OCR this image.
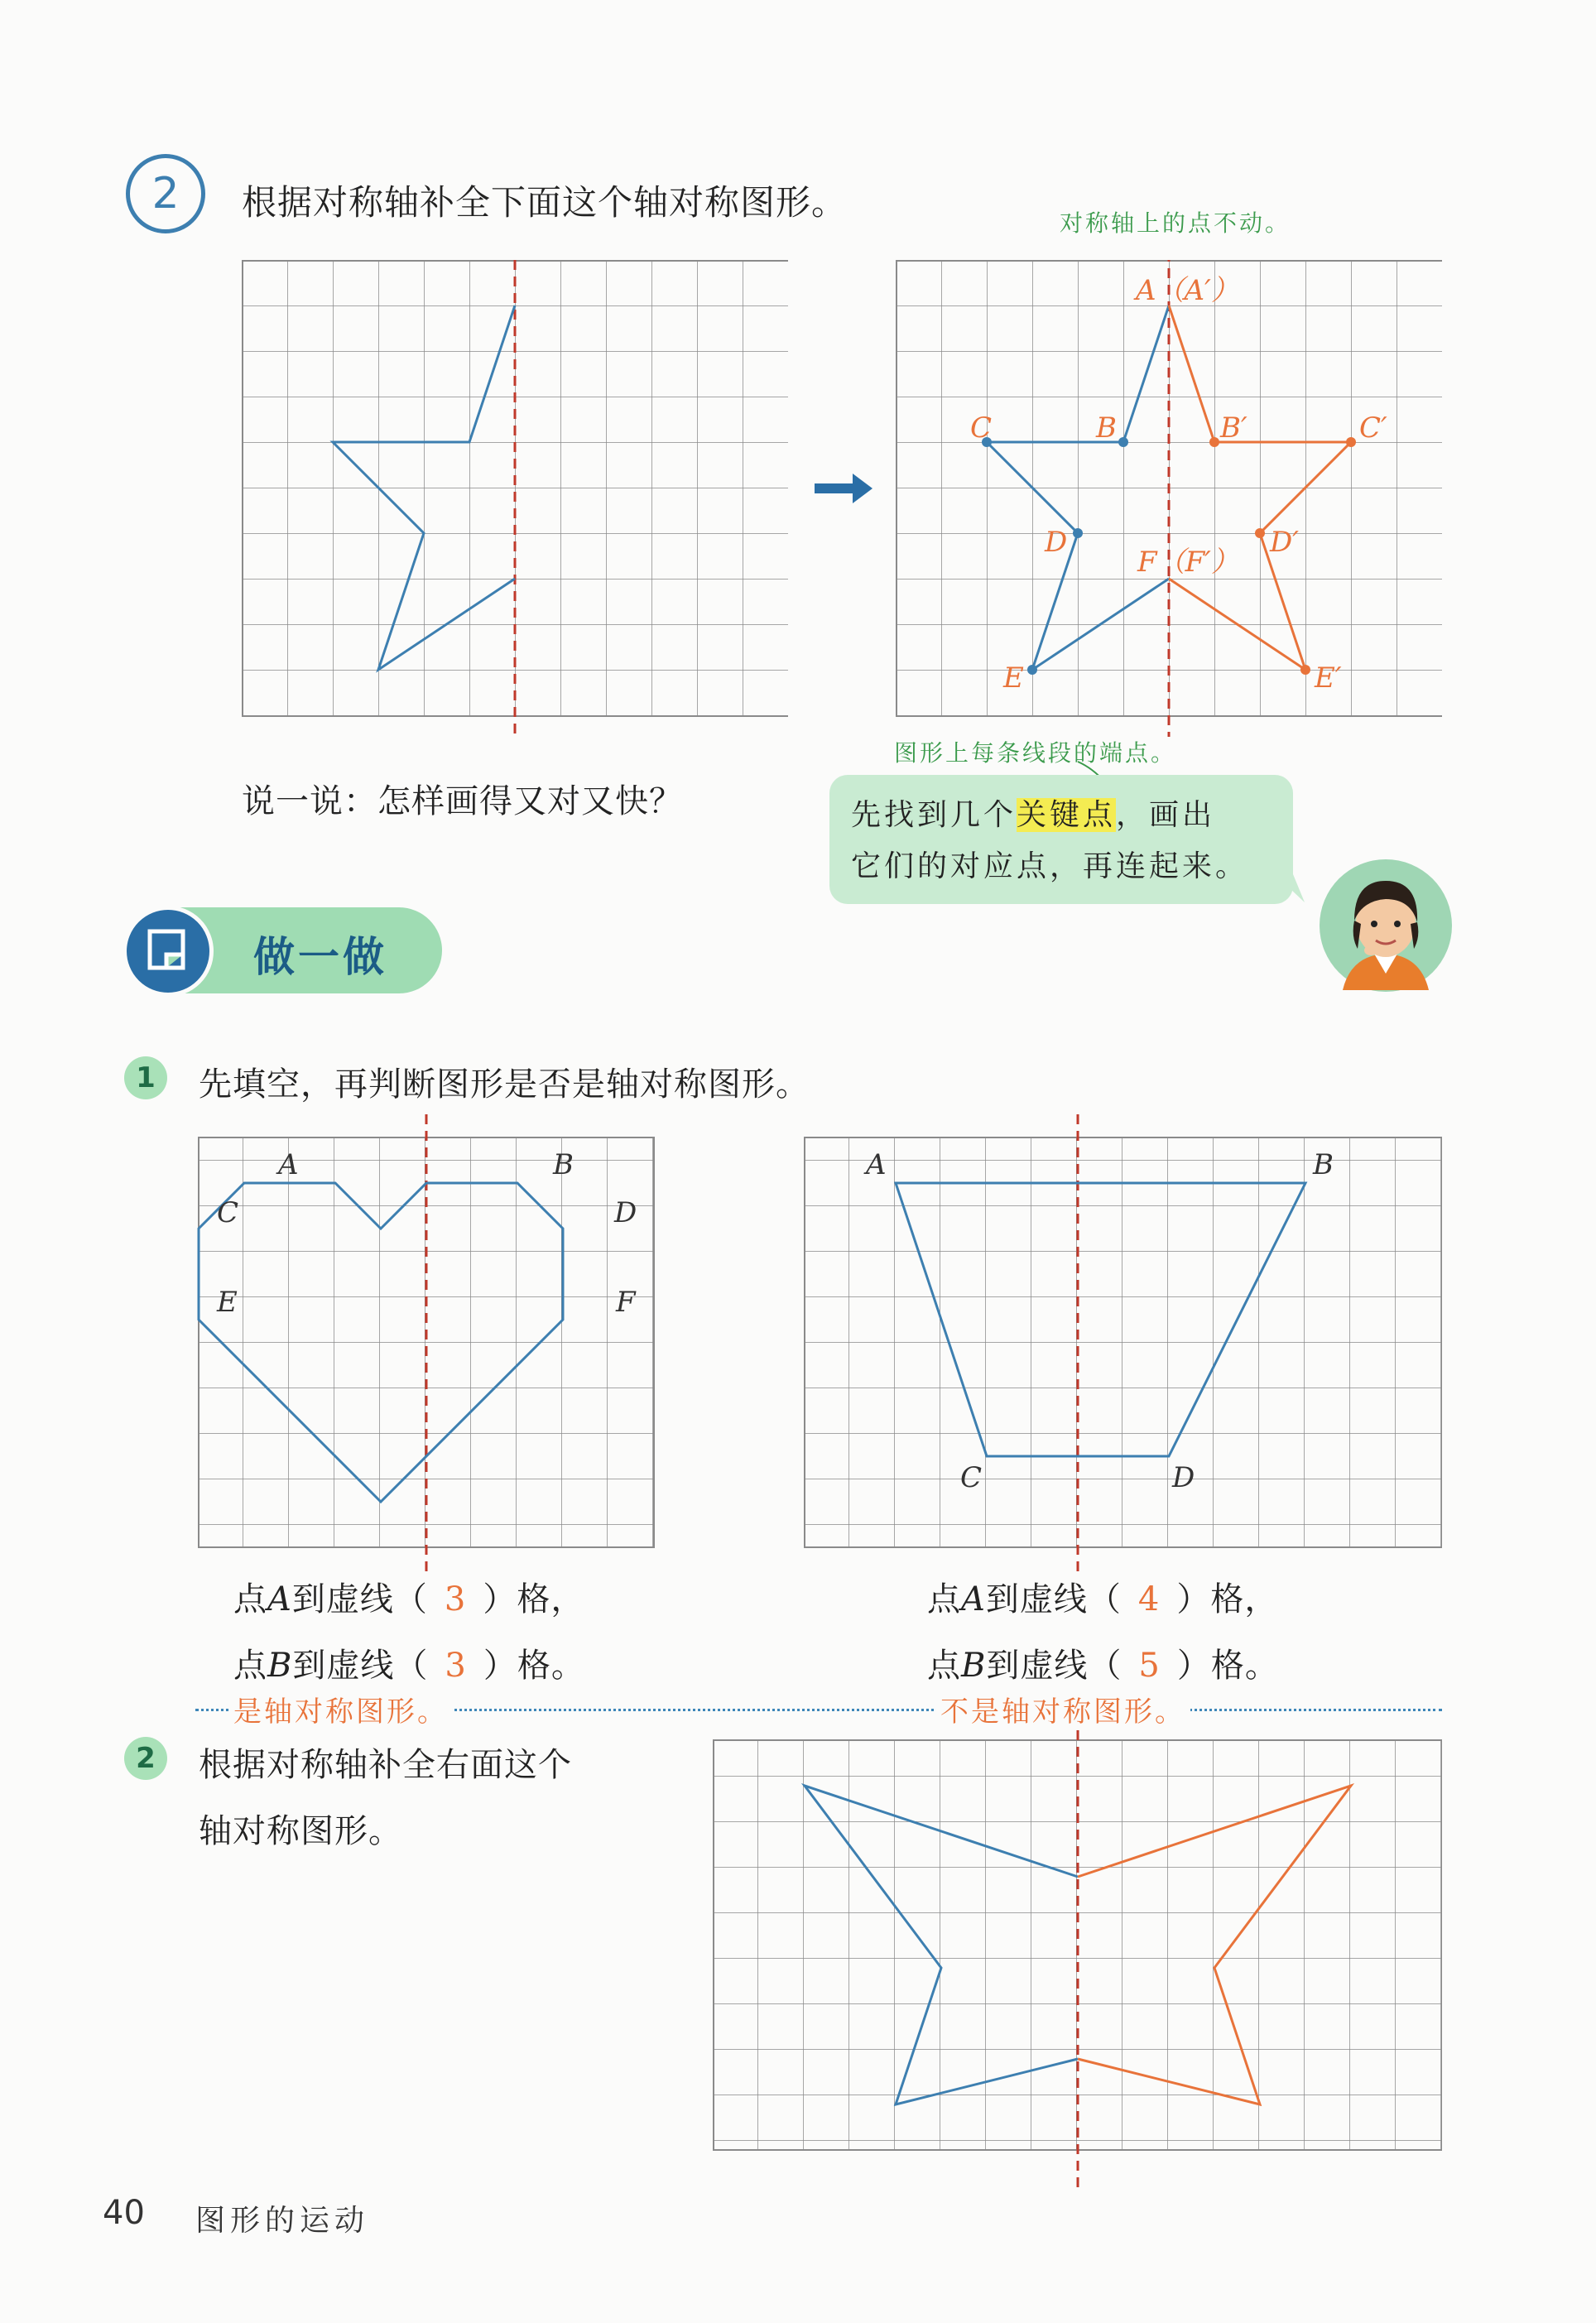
2 根据对称轴补全下面这个轴对称图形。
对称轴上的点不动。
A（A′）
B	B′
C	C′
D	D′
E	E′
F（F′）
图形上每条线段的端点。
说一说：怎样画得又对又快？	先找到几个关键点，画出
它们的对应点，再连起来。
做一做
1 先填空，再判断图形是否是轴对称图形。
A	B
C	D
E	F
A	B
C	D
点A到虚线（ 3 ）格，
点B到虚线（ 3 ）格。
点A到虚线（ 4 ）格，
点B到虚线（ 5 ）格。
是轴对称图形。	不是轴对称图形。
2 根据对称轴补全右面这个
轴对称图形。
40 图形的运动
